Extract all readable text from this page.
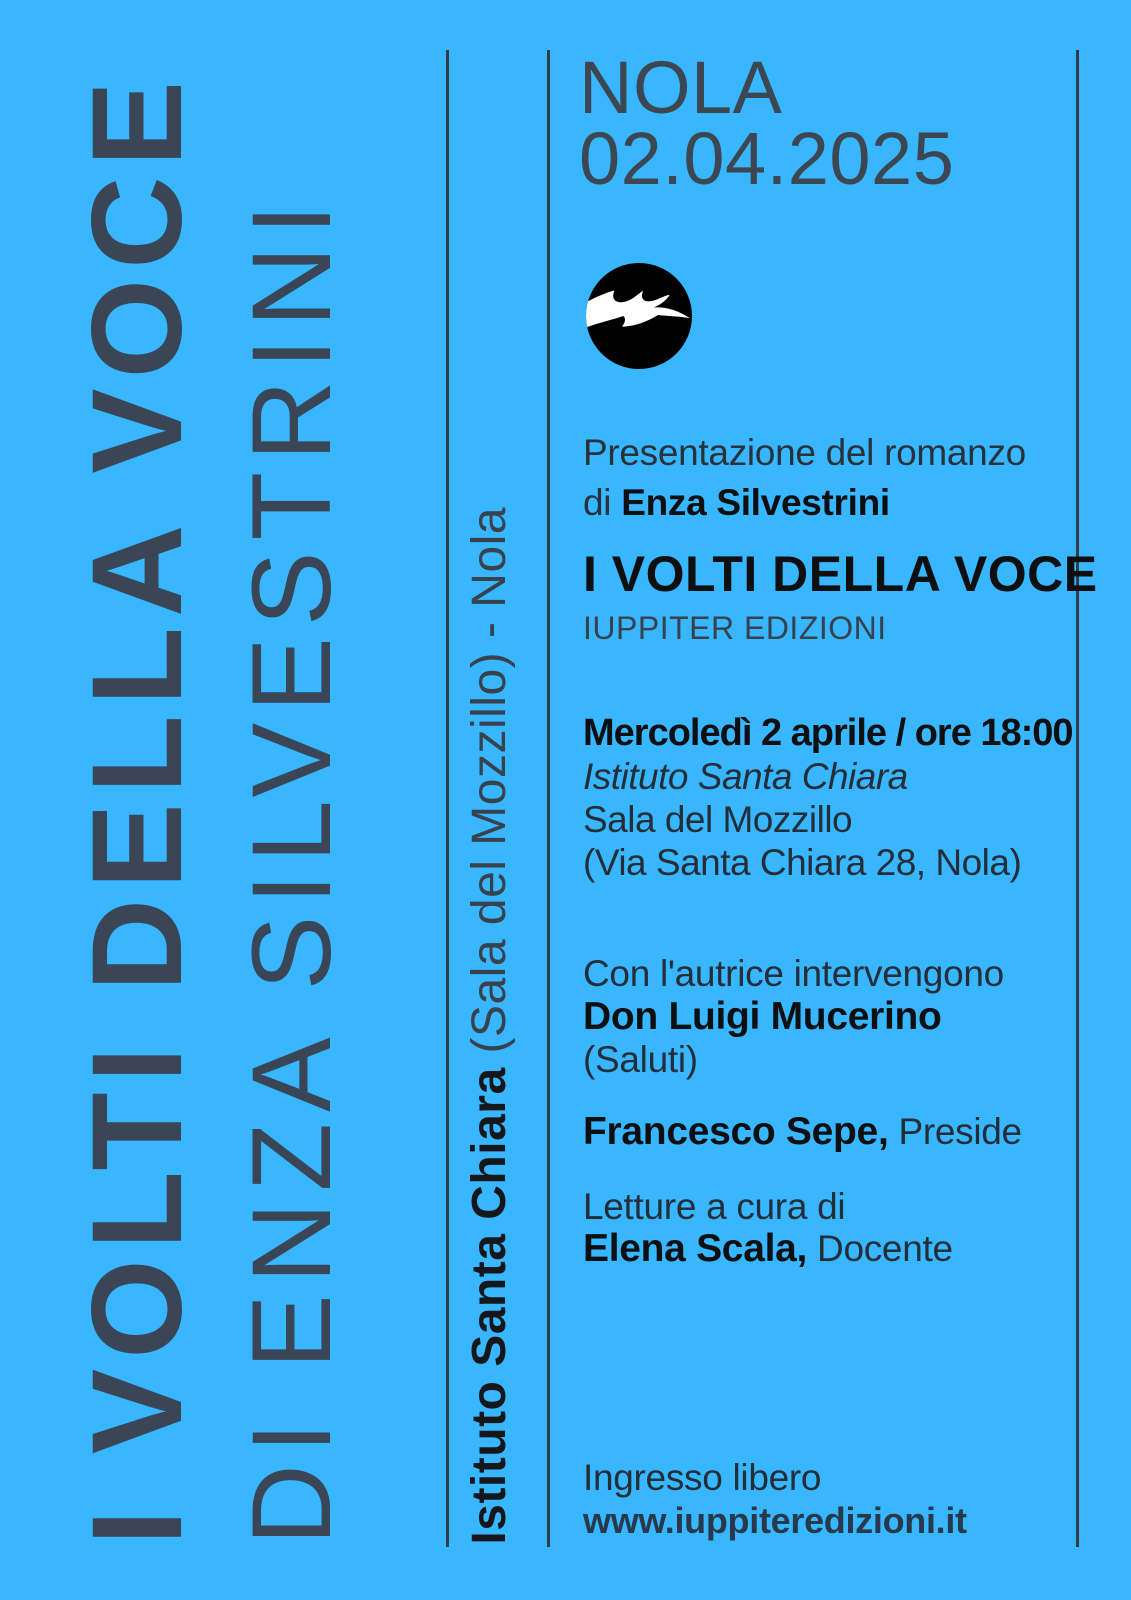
I VOLTI DELLA VOCE DI ENZA SILVESTRINI Istituto Santa Chiara (Sala del Mozzillo) - Nola
NOLA
02.04.2025
Presentazione del romanzo
di Enza Silvestrini
I VOLTI DELLA VOCE
IUPPITER EDIZIONI
Mercoledì 2 aprile / ore 18:00
Istituto Santa Chiara
Sala del Mozzillo
(Via Santa Chiara 28, Nola)
Con l'autrice intervengono
Don Luigi Mucerino
(Saluti)
Francesco Sepe, Preside
Letture a cura di
Elena Scala, Docente
Ingresso libero
www.iuppiteredizioni.it
